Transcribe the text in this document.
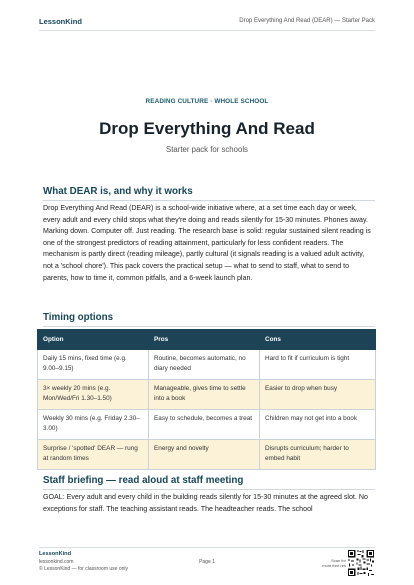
LessonKind	Drop Everything And Read (DEAR) — Starter Pack
READING CULTURE · WHOLE SCHOOL
Drop Everything And Read
Starter pack for schools
What DEAR is, and why it works
Drop Everything And Read (DEAR) is a school-wide initiative where, at a set time each day or week, every adult and every child stops what they're doing and reads silently for 15-30 minutes. Phones away. Marking down. Computer off. Just reading. The research base is solid: regular sustained silent reading is one of the strongest predictors of reading attainment, particularly for less confident readers. The mechanism is partly direct (reading mileage), partly cultural (it signals reading is a valued adult activity, not a 'school chore'). This pack covers the practical setup — what to send to staff, what to send to parents, how to time it, common pitfalls, and a 6-week launch plan.
Timing options
Option	Pros	Cons
Daily 15 mins, fixed time (e.g. 9.00–9.15)	Routine, becomes automatic, no diary needed	Hard to fit if curriculum is tight
3× weekly 20 mins (e.g. Mon/Wed/Fri 1.30–1.50)	Manageable, gives time to settle into a book	Easier to drop when busy
Weekly 30 mins (e.g. Friday 2.30–3.00)	Easy to schedule, becomes a treat	Children may not get into a book
Surprise / 'spotted' DEAR — rung at random times	Energy and novelty	Disrupts curriculum; harder to embed habit
Staff briefing — read aloud at staff meeting
GOAL: Every adult and every child in the building reads silently for 15-30 minutes at the agreed slot. No exceptions for staff. The teaching assistant reads. The headteacher reads. The school
LessonKind
lessonkind.com
© LessonKind — for classroom use only
Page 1	Scan for
more free res
